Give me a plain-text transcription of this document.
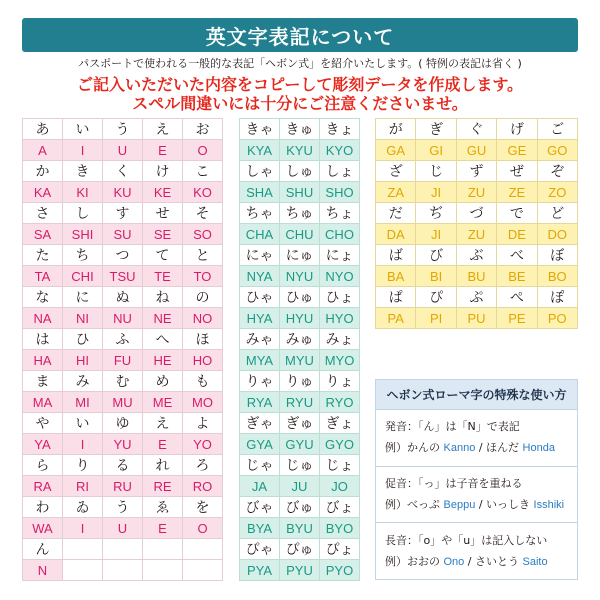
英文字表記について
パスポートで使われる一般的な表記「ヘボン式」を紹介いたします。( 特例の表記は省く )
ご記入いただいた内容をコピーして彫刻データを作成します。
スペル間違いには十分にご注意くださいませ。
あ	い	う	え	お
A	I	U	E	O
か	き	く	け	こ
KA	KI	KU	KE	KO
さ	し	す	せ	そ
SA	SHI	SU	SE	SO
た	ち	つ	て	と
TA	CHI	TSU	TE	TO
な	に	ぬ	ね	の
NA	NI	NU	NE	NO
は	ひ	ふ	へ	ほ
HA	HI	FU	HE	HO
ま	み	む	め	も
MA	MI	MU	ME	MO
や	い	ゆ	え	よ
YA	I	YU	E	YO
ら	り	る	れ	ろ
RA	RI	RU	RE	RO
わ	ゐ	う	ゑ	を
WA	I	U	E	O
ん
N
きゃ きゅ きょ
KYA	KYU KYO
しゃ しゅ しょ
SHA SHU SHO
ちゃ ちゅ ちょ
CHA CHU CHO
にゃ にゅ にょ
NYA	NYU NYO
ひゃ ひゅ ひょ
HYA	HYU HYO
みゃ みゅ みょ
MYA MYU MYO
りゃ りゅ りょ
RYA	RYU RYO
ぎゃ ぎゅ ぎょ
GYA GYU GYO
じゃ じゅ じょ
JA	JU	JO
びゃ びゅ びょ
BYA	BYU BYO
ぴゃ ぴゅ ぴょ
PYA	PYU PYO
が	ぎ	ぐ	げ	ご
GA	GI	GU	GE	GO
ざ	じ	ず	ぜ	ぞ
ZA	JI	ZU	ZE	ZO
だ	ぢ	づ	で	ど
DA	JI	ZU	DE	DO
ば	び	ぶ	べ	ぼ
BA	BI	BU	BE	BO
ぱ	ぴ	ぷ	ぺ	ぽ
PA	PI	PU	PE	PO
ヘボン式ローマ字の特殊な使い方
発音：「ん」は「N」で表記
例）かんの Kanno / ほんだ Honda
促音：「っ」は子音を重ねる
例）べっぷ Beppu / いっしき Isshiki
長音：「o」や「u」は記入しない
例）おおの Ono / さいとう Saito
